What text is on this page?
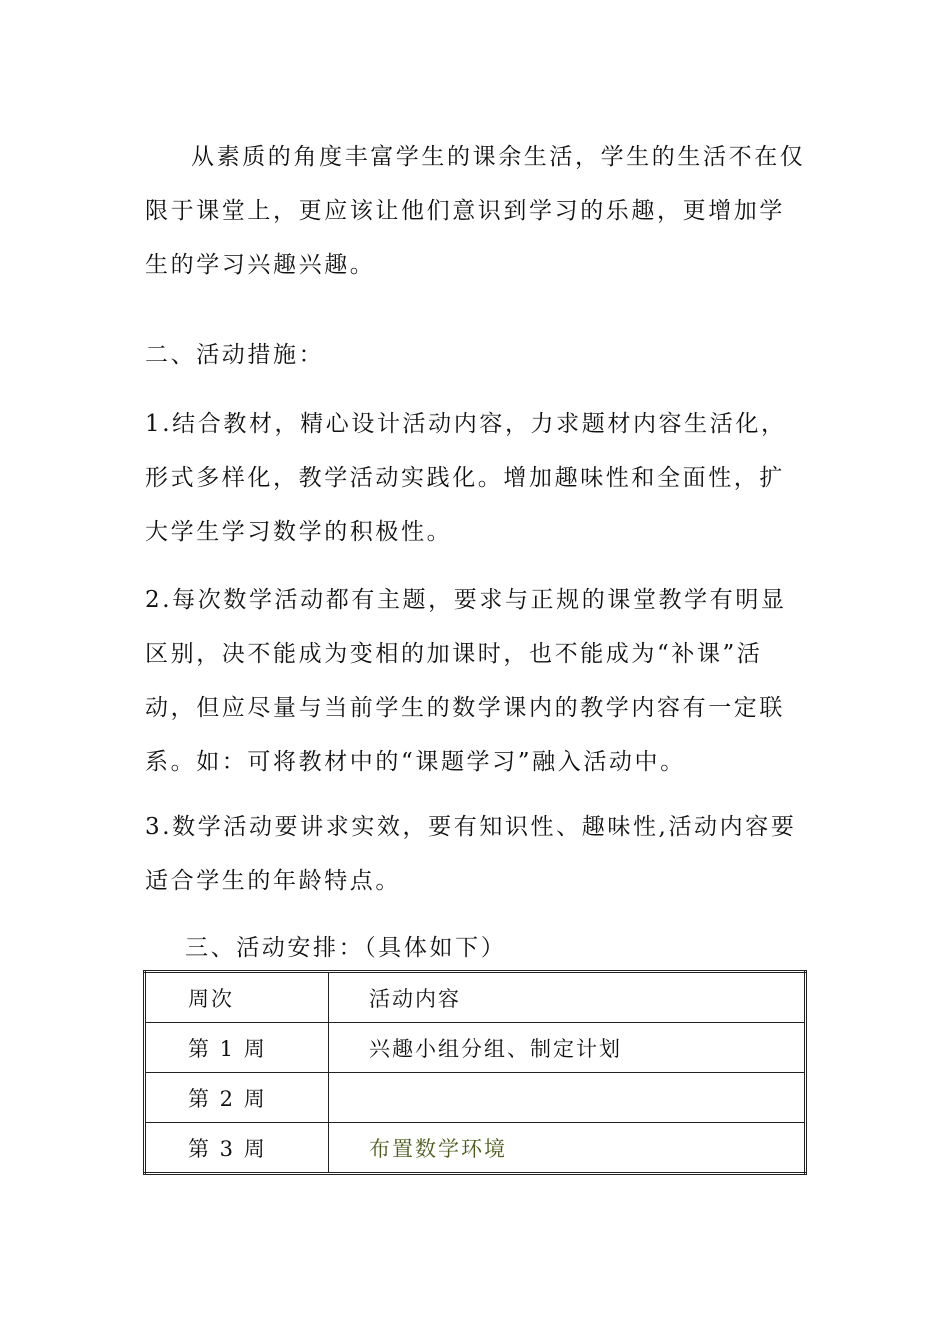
从素质的角度丰富学生的课余生活，学生的生活不在仅限于课堂上，更应该让他们意识到学习的乐趣，更增加学生的学习兴趣兴趣。

二、活动措施：

1.结合教材，精心设计活动内容，力求题材内容生活化，形式多样化，教学活动实践化。增加趣味性和全面性，扩大学生学习数学的积极性。

2.每次数学活动都有主题，要求与正规的课堂教学有明显区别，决不能成为变相的加课时，也不能成为“补课”活动，但应尽量与当前学生的数学课内的教学内容有一定联系。如：可将教材中的“课题学习”融入活动中。

3.数学活动要讲求实效，要有知识性、趣味性,活动内容要适合学生的年龄特点。

三、活动安排：（具体如下）

周次	活动内容
第 1 周	兴趣小组分组、制定计划
第 2 周	
第 3 周	布置数学环境
